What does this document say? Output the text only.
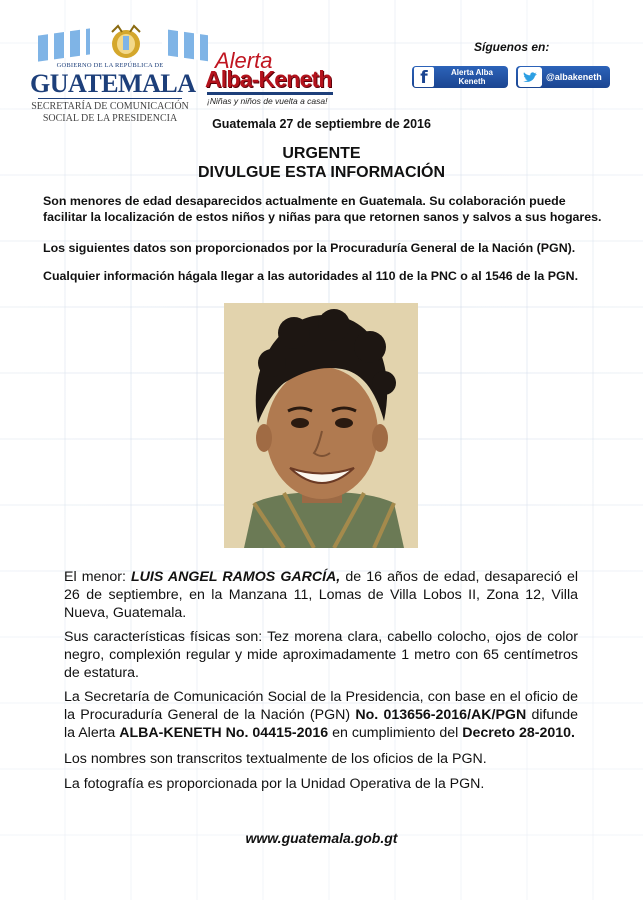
GOBIERNO DE LA REPÚBLICA DE
GUATEMALA
SECRETARÍA DE COMUNICACIÓN
SOCIAL DE LA PRESIDENCIA
Alerta
Alba-Keneth
¡Niñas y niños de vuelta a casa!
Síguenos en:
f	Alerta Alba
Keneth	@albakeneth
Guatemala 27 de septiembre de 2016
URGENTE
DIVULGUE ESTA INFORMACIÓN
Son menores de edad desaparecidos actualmente en Guatemala. Su colaboración puede facilitar la localización de estos niños y niñas para que retornen sanos y salvos a sus hogares.
Los siguientes datos son proporcionados por la Procuraduría General de la Nación (PGN).
Cualquier información hágala llegar a las autoridades al 110 de la PNC o al 1546 de la PGN.
El menor: LUIS ANGEL RAMOS GARCÍA, de 16 años de edad, desapareció el 26 de septiembre, en la Manzana 11, Lomas de Villa Lobos II, Zona 12, Villa Nueva, Guatemala.
Sus características físicas son: Tez morena clara, cabello colocho, ojos de color negro, complexión regular y mide aproximadamente 1 metro con 65 centímetros de estatura.
La Secretaría de Comunicación Social de la Presidencia, con base en el oficio de la Procuraduría General de la Nación (PGN) No. 013656-2016/AK/PGN difunde la Alerta ALBA-KENETH No. 04415-2016 en cumplimiento del Decreto 28-2010.
Los nombres son transcritos textualmente de los oficios de la PGN.
La fotografía es proporcionada por la Unidad Operativa de la PGN.
www.guatemala.gob.gt
